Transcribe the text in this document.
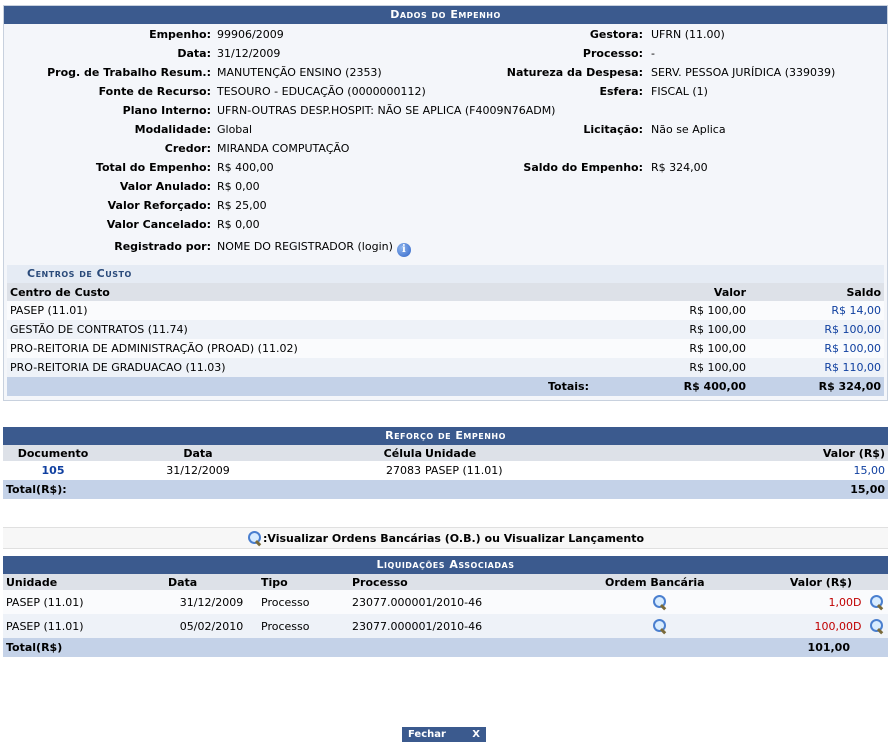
Dados do Empenho
Empenho: 99906/2009	Gestora: UFRN (11.00)
Data: 31/12/2009	Processo: -
Prog. de Trabalho Resum.: MANUTENÇÃO ENSINO (2353)	Natureza da Despesa: SERV. PESSOA JURÍDICA (339039)
Fonte de Recurso: TESOURO - EDUCAÇÃO (0000000112)	Esfera: FISCAL (1)
Plano Interno: UFRN-OUTRAS DESP.HOSPIT: NÃO SE APLICA (F4009N76ADM)
Modalidade: Global	Licitação: Não se Aplica
Credor: MIRANDA COMPUTAÇÃO
Total do Empenho: R$ 400,00	Saldo do Empenho: R$ 324,00
Valor Anulado: R$ 0,00
Valor Reforçado: R$ 25,00
Valor Cancelado: R$ 0,00
Registrado por: NOME DO REGISTRADOR (login) i
Centros de Custo
Centro de Custo	Valor	Saldo
PASEP (11.01)	R$ 100,00	R$ 14,00
GESTÃO DE CONTRATOS (11.74)	R$ 100,00	R$ 100,00
PRO-REITORIA DE ADMINISTRAÇÃO (PROAD) (11.02)	R$ 100,00	R$ 100,00
PRO-REITORIA DE GRADUACAO (11.03)	R$ 100,00	R$ 110,00
Totais:	R$ 400,00	R$ 324,00
Reforço de Empenho
Documento	Data	Célula	Unidade	Valor (R$)
105	31/12/2009	27083	PASEP (11.01)	15,00
Total(R$):				15,00
:Visualizar Ordens Bancárias (O.B.) ou Visualizar Lançamento
Liquidações Associadas
Unidade	Data	Tipo	Processo	Ordem Bancária	Valor (R$)
PASEP (11.01)	31/12/2009	Processo	23077.000001/2010-46		1,00D
PASEP (11.01)	05/02/2010	Processo	23077.000001/2010-46		100,00D
Total(R$)					101,00
Fechar	X
